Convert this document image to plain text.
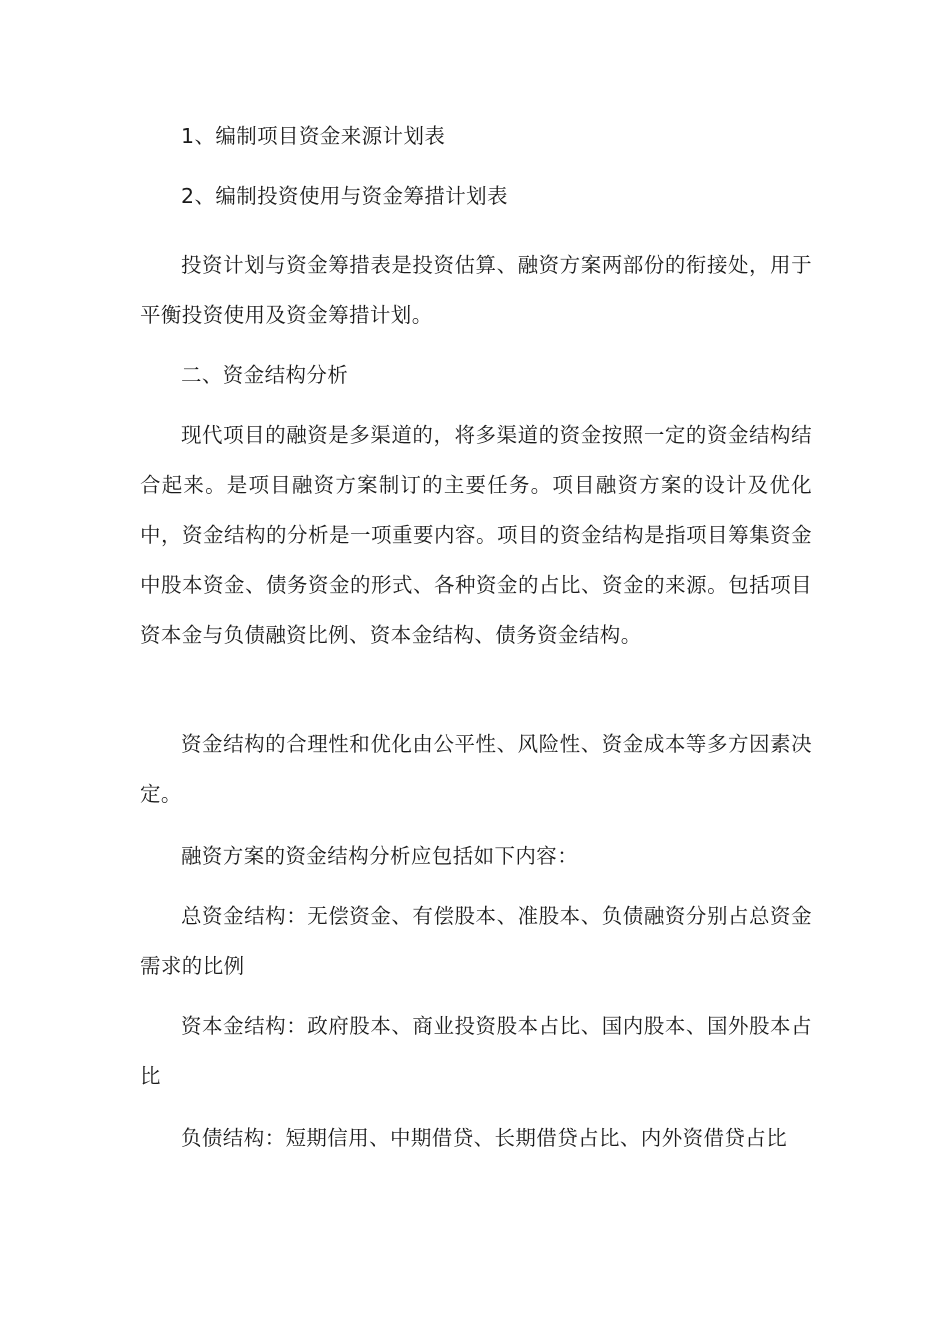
1、编制项目资金来源计划表

2、编制投资使用与资金筹措计划表

投资计划与资金筹措表是投资估算、融资方案两部份的衔接处，用于平衡投资使用及资金筹措计划。

二、资金结构分析

现代项目的融资是多渠道的，将多渠道的资金按照一定的资金结构结合起来。是项目融资方案制订的主要任务。项目融资方案的设计及优化中，资金结构的分析是一项重要内容。项目的资金结构是指项目筹集资金中股本资金、债务资金的形式、各种资金的占比、资金的来源。包括项目资本金与负债融资比例、资本金结构、债务资金结构。

资金结构的合理性和优化由公平性、风险性、资金成本等多方因素决定。

融资方案的资金结构分析应包括如下内容：

总资金结构：无偿资金、有偿股本、准股本、负债融资分别占总资金需求的比例

资本金结构：政府股本、商业投资股本占比、国内股本、国外股本占比

负债结构：短期信用、中期借贷、长期借贷占比、内外资借贷占比
